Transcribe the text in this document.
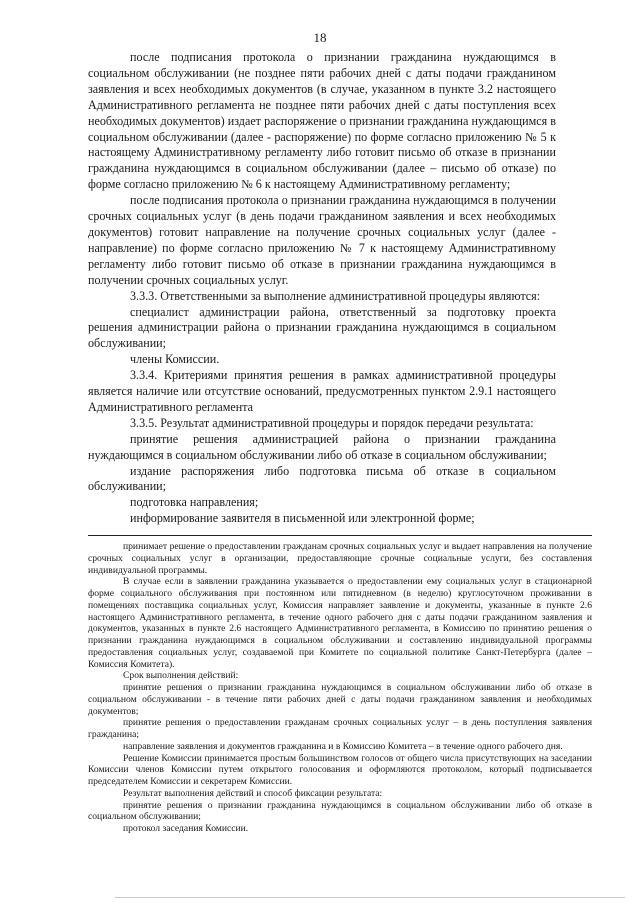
18

после подписания протокола о признании гражданина нуждающимся в социальном обслуживании (не позднее пяти рабочих дней с даты подачи гражданином заявления и всех необходимых документов (в случае, указанном в пункте 3.2 настоящего Административного регламента не позднее пяти рабочих дней с даты поступления всех необходимых документов) издает распоряжение о признании гражданина нуждающимся в социальном обслуживании (далее - распоряжение) по форме согласно приложению № 5 к настоящему Административному регламенту либо готовит письмо об отказе в признании гражданина нуждающимся в социальном обслуживании (далее – письмо об отказе) по форме согласно приложению № 6 к настоящему Административному регламенту;

после подписания протокола о признании гражданина нуждающимся в получении срочных социальных услуг (в день подачи гражданином заявления и всех необходимых документов) готовит направление на получение срочных социальных услуг (далее - направление) по форме согласно приложению № 7 к настоящему Административному регламенту либо готовит письмо об отказе в признании гражданина нуждающимся в получении срочных социальных услуг.

3.3.3. Ответственными за выполнение административной процедуры являются:

специалист администрации района, ответственный за подготовку проекта решения администрации района о признании гражданина нуждающимся в социальном обслуживании;

члены Комиссии.

3.3.4. Критериями принятия решения в рамках административной процедуры является наличие или отсутствие оснований, предусмотренных пунктом 2.9.1 настоящего Административного регламента

3.3.5. Результат административной процедуры и порядок передачи результата:

принятие решения администрацией района о признании гражданина нуждающимся в социальном обслуживании либо об отказе в социальном обслуживании;

издание распоряжения либо подготовка письма об отказе в социальном обслуживании;

подготовка направления;

информирование заявителя в письменной или электронной форме;

принимает решение о предоставлении гражданам срочных социальных услуг и выдает направления на получение срочных социальных услуг в организации, предоставляющие срочные социальные услуги, без составления индивидуальной программы.

В случае если в заявлении гражданина указывается о предоставлении ему социальных услуг в стационарной форме социального обслуживания при постоянном или пятидневном (в неделю) круглосуточном проживании в помещениях поставщика социальных услуг, Комиссия направляет заявление и документы, указанные в пункте 2.6 настоящего Административного регламента, в течение одного рабочего дня с даты подачи гражданином заявления и документов, указанных в пункте 2.6 настоящего Административного регламента, в Комиссию по принятию решения о признании гражданина нуждающимся в социальном обслуживании и составлению индивидуальной программы предоставления социальных услуг, создаваемой при Комитете по социальной политике Санкт-Петербурга (далее – Комиссия Комитета).

Срок выполнения действий:

принятие решения о признании гражданина нуждающимся в социальном обслуживании либо об отказе в социальном обслуживании - в течение пяти рабочих дней с даты подачи гражданином заявления и необходимых документов;

принятие решения о предоставлении гражданам срочных социальных услуг – в день поступления заявления гражданина;

направление заявления и документов гражданина и в Комиссию Комитета – в течение одного рабочего дня.

Решение Комиссии принимается простым большинством голосов от общего числа присутствующих на заседании Комиссии членов Комиссии путем открытого голосования и оформляются протоколом, который подписывается председателем Комиссии и секретарем Комиссии.

Результат выполнения действий и способ фиксации результата:

принятие решения о признании гражданина нуждающимся в социальном обслуживании либо об отказе в социальном обслуживании;

протокол заседания Комиссии.
